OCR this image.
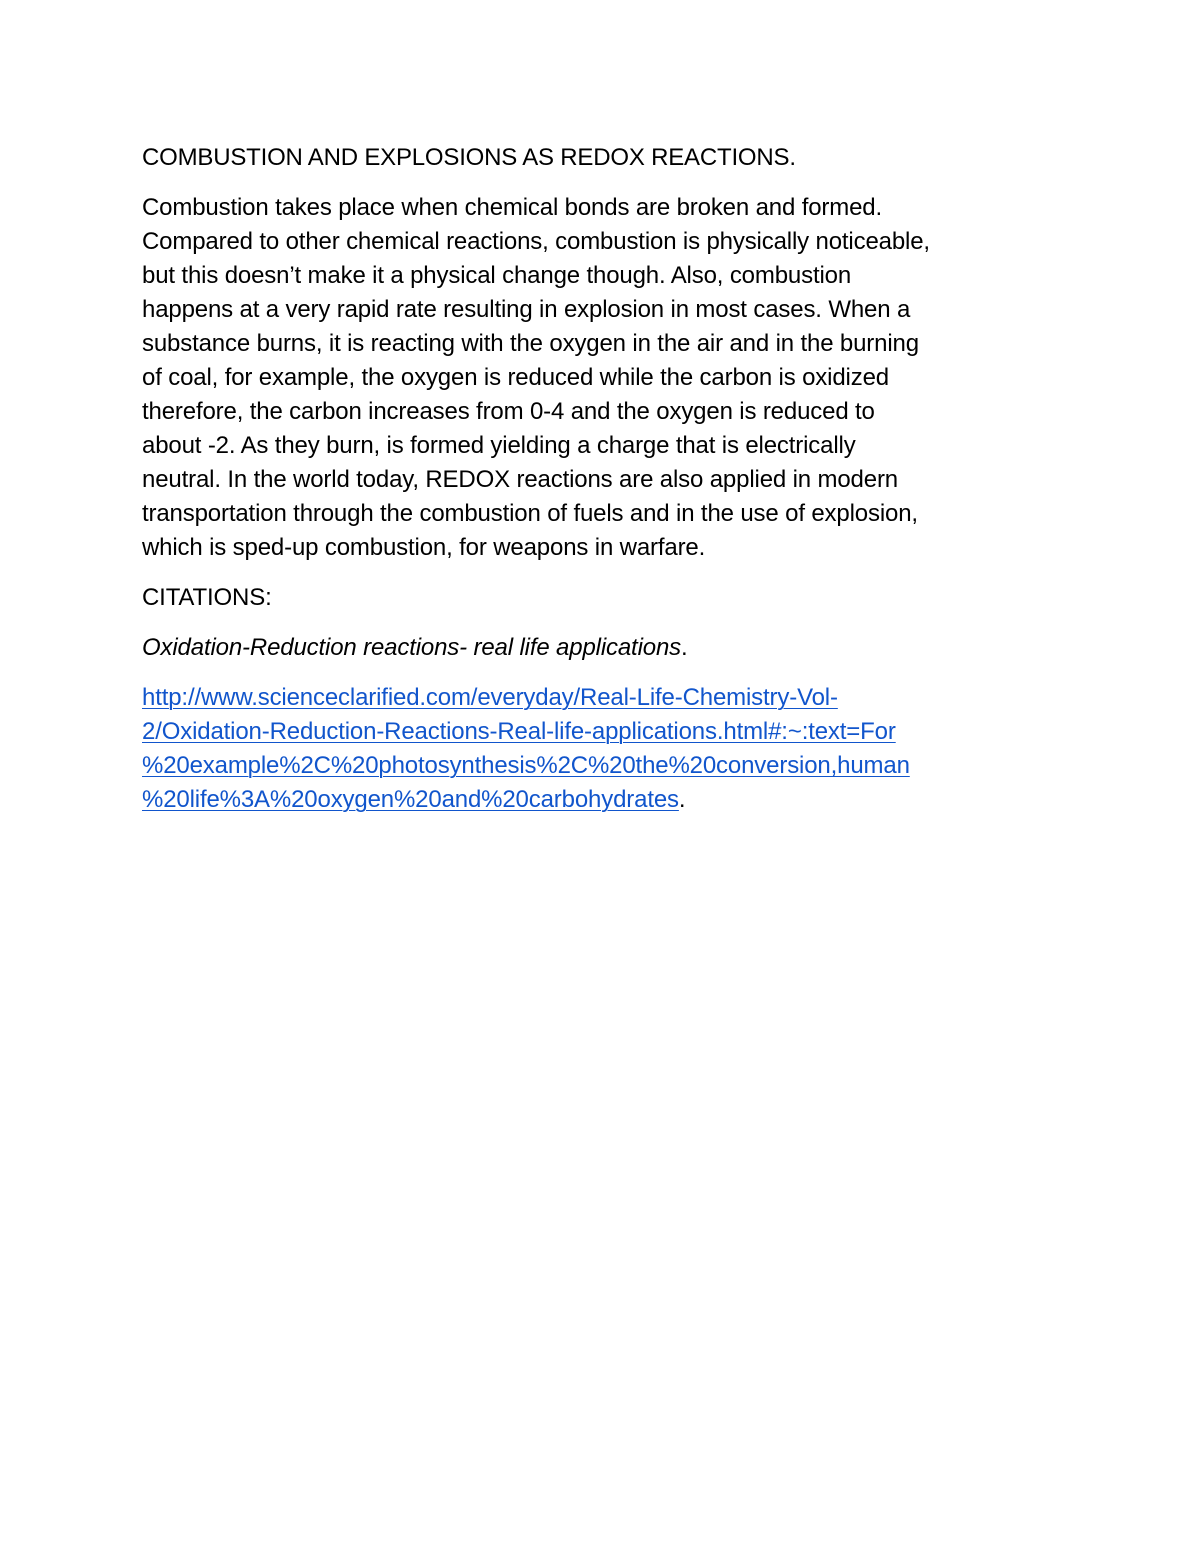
COMBUSTION AND EXPLOSIONS AS REDOX REACTIONS.

Combustion takes place when chemical bonds are broken and formed.
Compared to other chemical reactions, combustion is physically noticeable,
but this doesn’t make it a physical change though. Also, combustion
happens at a very rapid rate resulting in explosion in most cases. When a
substance burns, it is reacting with the oxygen in the air and in the burning
of coal, for example, the oxygen is reduced while the carbon is oxidized
therefore, the carbon increases from 0-4 and the oxygen is reduced to
about -2. As they burn, is formed yielding a charge that is electrically
neutral. In the world today, REDOX reactions are also applied in modern
transportation through the combustion of fuels and in the use of explosion,
which is sped-up combustion, for weapons in warfare.

CITATIONS:

Oxidation-Reduction reactions- real life applications.

http://www.scienceclarified.com/everyday/Real-Life-Chemistry-Vol-
2/Oxidation-Reduction-Reactions-Real-life-applications.html#:~:text=For
%20example%2C%20photosynthesis%2C%20the%20conversion,human
%20life%3A%20oxygen%20and%20carbohydrates.
